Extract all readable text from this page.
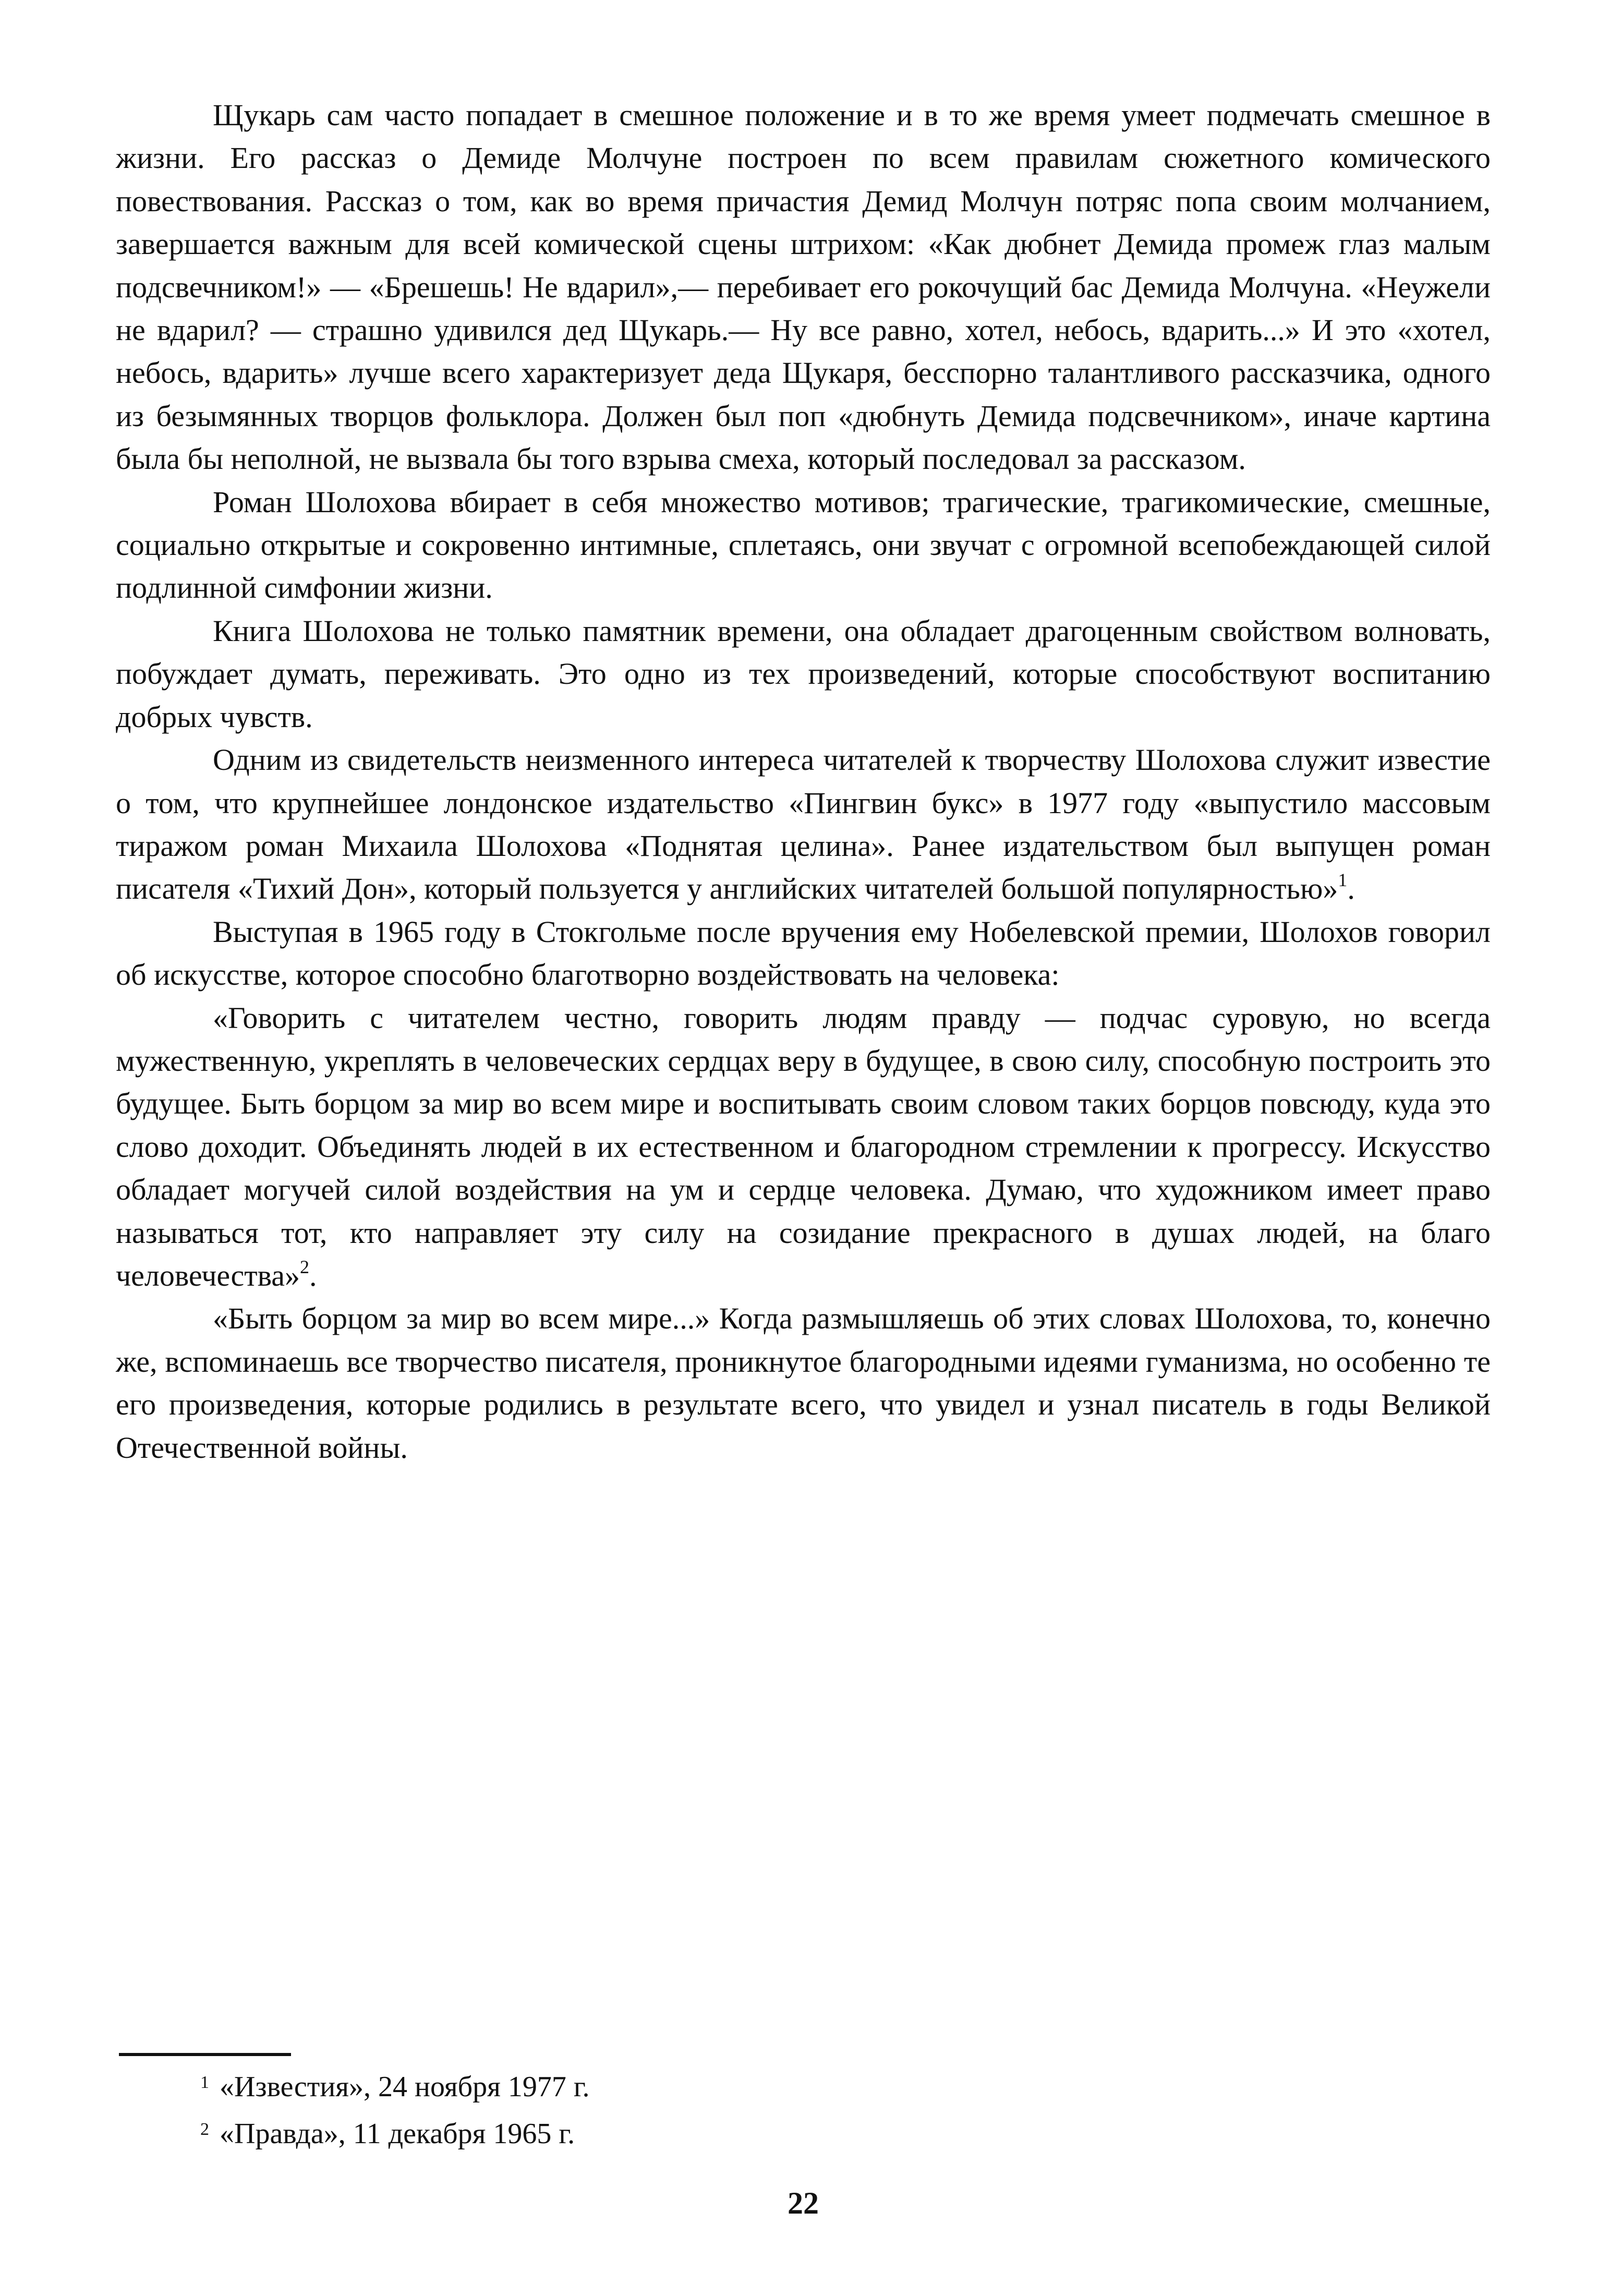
Щукарь сам часто попадает в смешное положение и в то же время умеет подмечать смешное в жизни. Его рассказ о Демиде Молчуне построен по всем правилам сюжетного комического повествования. Рассказ о том, как во время причастия Демид Молчун потряс попа своим молчанием, завершается важным для всей комической сцены штрихом: «Как дюбнет Демида промеж глаз малым подсвечником!» — «Брешешь! Не вдарил»,— перебивает его рокочущий бас Демида Молчуна. «Неужели не вдарил? — страшно удивился дед Щукарь.— Ну все равно, хотел, небось, вдарить...» И это «хотел, небось, вдарить» лучше всего характеризует деда Щукаря, бесспорно талантливого рассказчика, одного из безымянных творцов фольклора. Должен был поп «дюбнуть Демида подсвечником», иначе картина была бы неполной, не вызвала бы того взрыва смеха, который последовал за рассказом.

Роман Шолохова вбирает в себя множество мотивов; трагические, трагикомические, смешные, социально открытые и сокровенно интимные, сплетаясь, они звучат с огромной всепобеждающей силой подлинной симфонии жизни.

Книга Шолохова не только памятник времени, она обладает драгоценным свойством волновать, побуждает думать, переживать. Это одно из тех произведений, которые способствуют воспитанию добрых чувств.

Одним из свидетельств неизменного интереса читателей к творчеству Шолохова служит известие о том, что крупнейшее лондонское издательство «Пингвин букс» в 1977 году «выпустило массовым тиражом роман Михаила Шолохова «Поднятая целина». Ранее издательством был выпущен роман писателя «Тихий Дон», который пользуется у английских читателей большой популярностью»$^1$.

Выступая в 1965 году в Стокгольме после вручения ему Нобелевской премии, Шолохов говорил об искусстве, которое способно благотворно воздействовать на человека:

«Говорить с читателем честно, говорить людям правду — подчас суровую, но всегда мужественную, укреплять в человеческих сердцах веру в будущее, в свою силу, способную построить это будущее. Быть борцом за мир во всем мире и воспитывать своим словом таких борцов повсюду, куда это слово доходит. Объединять людей в их естественном и благородном стремлении к прогрессу. Искусство обладает могучей силой воздействия на ум и сердце человека. Думаю, что художником имеет право называться тот, кто направляет эту силу на созидание прекрасного в душах людей, на благо человечества»$^2$.

«Быть борцом за мир во всем мире...» Когда размышляешь об этих словах Шолохова, то, конечно же, вспоминаешь все творчество писателя, проникнутое благородными идеями гуманизма, но особенно те его произведения, которые родились в результате всего, что увидел и узнал писатель в годы Великой Отечественной войны.

$^1$ «Известия», 24 ноября 1977 г.

$^2$ «Правда», 11 декабря 1965 г.

22
